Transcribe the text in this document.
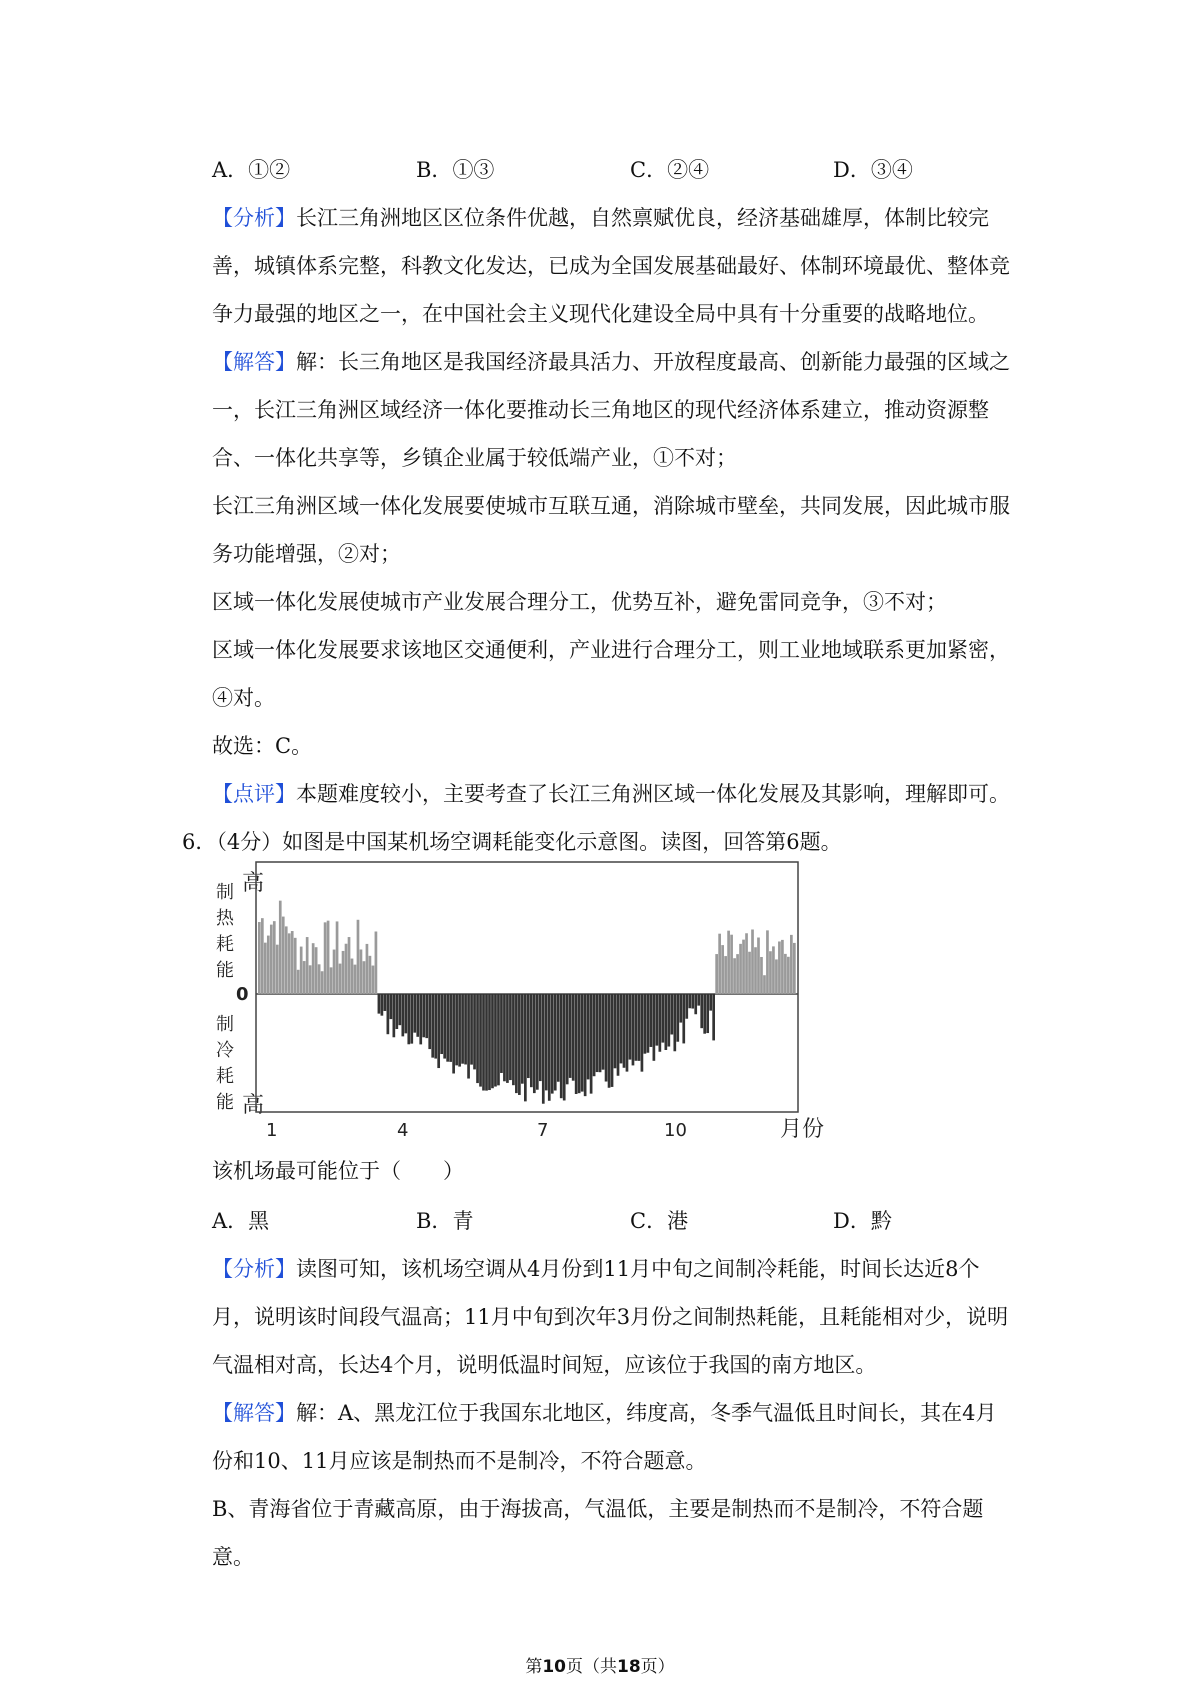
A．①②	B．①③	C．②④	D．③④
【分析】长江三角洲地区区位条件优越，自然禀赋优良，经济基础雄厚，体制比较完
善，城镇体系完整，科教文化发达，已成为全国发展基础最好、体制环境最优、整体竞
争力最强的地区之一，在中国社会主义现代化建设全局中具有十分重要的战略地位。
【解答】解：长三角地区是我国经济最具活力、开放程度最高、创新能力最强的区域之
一，长江三角洲区域经济一体化要推动长三角地区的现代经济体系建立，推动资源整
合、一体化共享等，乡镇企业属于较低端产业，①不对；
长江三角洲区域一体化发展要使城市互联互通，消除城市壁垒，共同发展，因此城市服
务功能增强，②对；
区域一体化发展使城市产业发展合理分工，优势互补，避免雷同竞争，③不对；
区域一体化发展要求该地区交通便利，产业进行合理分工，则工业地域联系更加紧密，
④对。
故选：C。
【点评】本题难度较小，主要考查了长江三角洲区域一体化发展及其影响，理解即可。
6．（4分）如图是中国某机场空调耗能变化示意图。读图，回答第6题。
制
热
耗
能
高
0
制
冷
耗
能 高
1	4	7	10	月份
该机场最可能位于（　　）
A．黑	B．青	C．港	D．黔
【分析】读图可知，该机场空调从4月份到11月中旬之间制冷耗能，时间长达近8个
月，说明该时间段气温高；11月中旬到次年3月份之间制热耗能，且耗能相对少，说明
气温相对高，长达4个月，说明低温时间短，应该位于我国的南方地区。
【解答】解：A、黑龙江位于我国东北地区，纬度高，冬季气温低且时间长，其在4月
份和10、11月应该是制热而不是制冷，不符合题意。
B、青海省位于青藏高原，由于海拔高，气温低，主要是制热而不是制冷，不符合题
意。
第10页（共18页）
